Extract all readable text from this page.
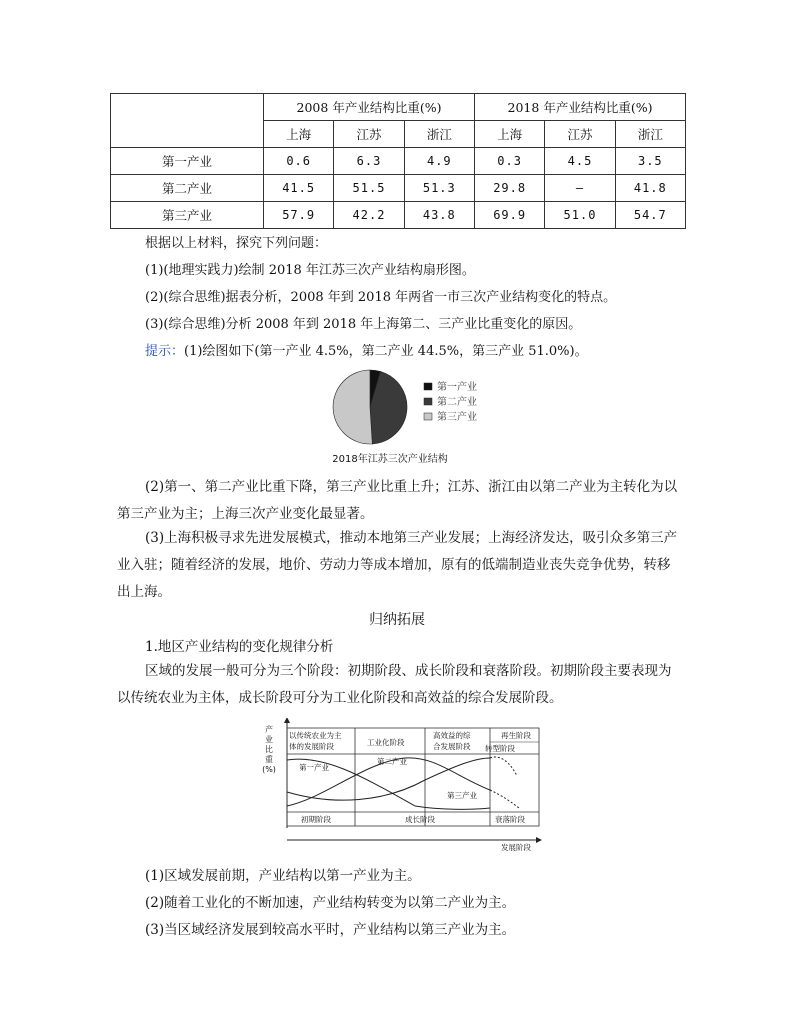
	2008 年产业结构比重(%)			2018 年产业结构比重(%)		
	上海	江苏	浙江	上海	江苏	浙江
第一产业	0.6	6.3	4.9	0.3	4.5	3.5
第二产业	41.5	51.5	51.3	29.8	—	41.8
第三产业	57.9	42.2	43.8	69.9	51.0	54.7
根据以上材料，探究下列问题：
(1)(地理实践力)绘制 2018 年江苏三次产业结构扇形图。
(2)(综合思维)据表分析，2008 年到 2018 年两省一市三次产业结构变化的特点。
(3)(综合思维)分析 2008 年到 2018 年上海第二、三产业比重变化的原因。
提示：(1)绘图如下(第一产业 4.5%，第二产业 44.5%，第三产业 51.0%)。
第一产业
第二产业
第三产业
2018年江苏三次产业结构
(2)第一、第二产业比重下降，第三产业比重上升；江苏、浙江由以第二产业为主转化为以第三产业为主；上海三次产业变化最显著。
(3)上海积极寻求先进发展模式，推动本地第三产业发展；上海经济发达，吸引众多第三产业入驻；随着经济的发展，地价、劳动力等成本增加，原有的低端制造业丧失竞争优势，转移出上海。
归纳拓展
1.地区产业结构的变化规律分析
区域的发展一般可分为三个阶段：初期阶段、成长阶段和衰落阶段。初期阶段主要表现为以传统农业为主体，成长阶段可分为工业化阶段和高效益的综合发展阶段。
产
业
比
重
(%)
以传统农业为主
体的发展阶段	工业化阶段
高效益的综
合发展阶段
再生阶段
转型阶段
初期阶段	成长阶段	衰落阶段
发展阶段
第一产业
第二产业
第三产业
(1)区域发展前期，产业结构以第一产业为主。
(2)随着工业化的不断加速，产业结构转变为以第二产业为主。
(3)当区域经济发展到较高水平时，产业结构以第三产业为主。
